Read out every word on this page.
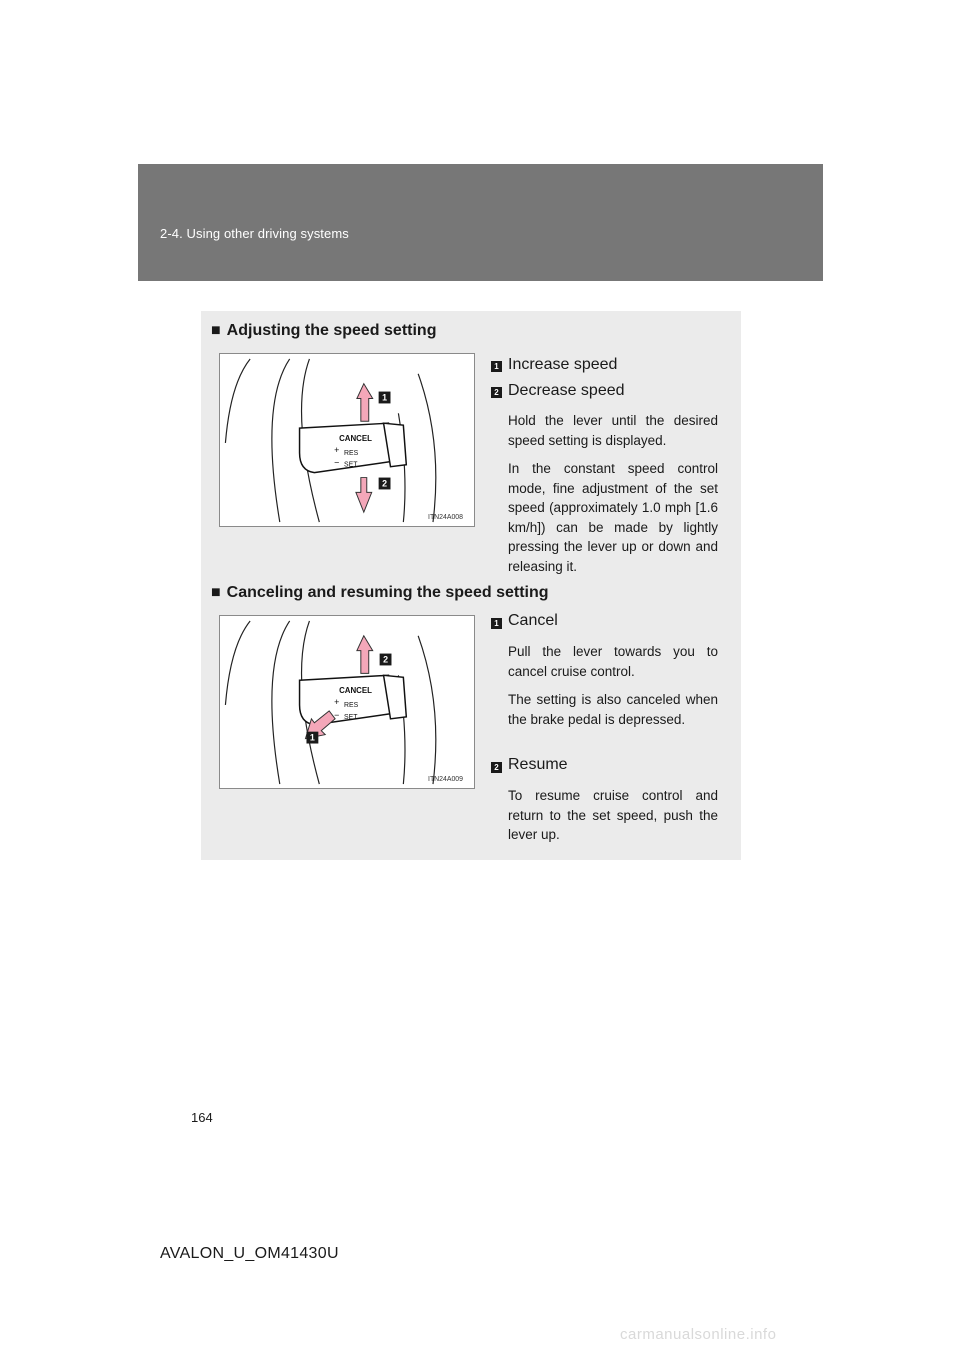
2-4. Using other driving systems
■ Adjusting the speed setting
CANCEL
RES
SET
+
−
1
2
ITN24A008
1 Increase speed
2 Decrease speed
Hold the lever until the desired speed setting is displayed.
In the constant speed control mode, fine adjustment of the set speed (approximately 1.0 mph [1.6 km/h]) can be made by lightly pressing the lever up or down and releasing it.
■ Canceling and resuming the speed setting
CANCEL
RES
SET
+
−
2
1
ITN24A009
1 Cancel
Pull the lever towards you to cancel cruise control.
The setting is also canceled when the brake pedal is depressed.
2 Resume
To resume cruise control and return to the set speed, push the lever up.
164
AVALON_U_OM41430U
carmanualsonline.info
